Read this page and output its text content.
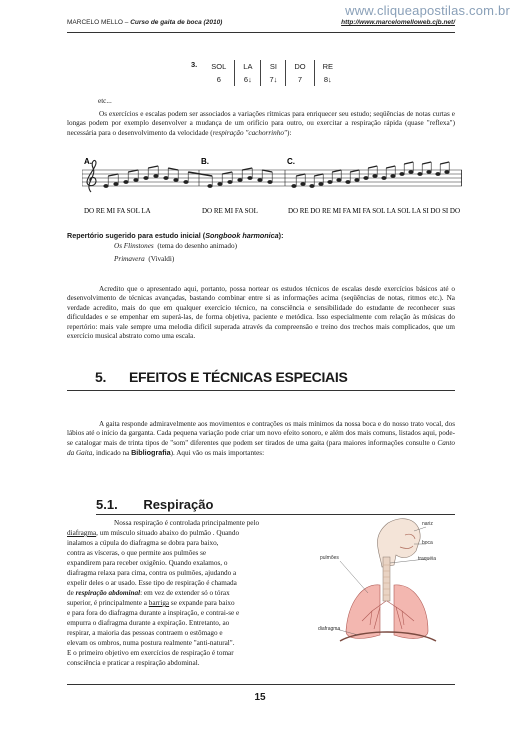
www.cliqueapostilas.com.br
MARCELO MELLO – Curso de gaita de boca (2010)	http://www.marcelomelloweb.cjb.net/
3.	SOL	LA	SI	DO	RE
	6	6↓	7↓	7	8↓
etc...
Os exercícios e escalas podem ser associados a variações rítmicas para enriquecer seu estudo; seqüências de notas curtas e longas podem por exemplo desenvolver a mudança de um orifício para outro, ou exercitar a respiração rápida (quase "reflexa") necessária para o desenvolvimento da velocidade (respiração "cachorrinho"):
A.	B.	C.
DO RE MI FA SOL LA	DO RE MI FA SOL	DO RE DO RE MI FA MI FA SOL LA SOL LA SI DO SI DO
Repertório sugerido para estudo inicial (Songbook harmonica):
Os Flinstones (tema do desenho animado)
Primavera (Vivaldi)
Acredito que o apresentado aqui, portanto, possa nortear os estudos técnicos de escalas desde exercícios básicos até o desenvolvimento de técnicas avançadas, bastando combinar entre si as informações acima (seqüências de notas, ritmos etc.). Na verdade acredito, mais do que em qualquer exercício técnico, na consciência e sensibilidade do estudante de reconhecer suas dificuldades e se empenhar em superá-las, de forma objetiva, paciente e metódica. Isso especialmente com relação às músicas do repertório: mais vale sempre uma melodia difícil superada através da compreensão e treino dos trechos mais complicados, que um exercício musical abstrato como uma escala.
5. EFEITOS E TÉCNICAS ESPECIAIS
A gaita responde admiravelmente aos movimentos e contrações os mais mínimos da nossa boca e do nosso trato vocal, dos lábios até o início da garganta. Cada pequena variação pode criar um novo efeito sonoro, e além dos mais comuns, listados aqui, pode-se catalogar mais de trinta tipos de "som" diferentes que podem ser tirados de uma gaita (para maiores informações consulte o Canto da Gaita, indicado na Bibliografia). Aqui vão os mais importantes:
5.1. Respiração
Nossa respiração é controlada principalmente pelo
diafragma, um músculo situado abaixo do pulmão . Quando
inalamos a cúpula do diafragma se dobra para baixo,
contra as vísceras, o que permite aos pulmões se
expandirem para receber oxigênio. Quando exalamos, o
diafragma relaxa para cima, contra os pulmões, ajudando a
expelir deles o ar usado. Esse tipo de respiração é chamada
de respiração abdominal: em vez de extender só o tórax
superior, é principalmente a barriga se expande para baixo
e para fora do diafragma durante a inspiração, e contrai-se e
empurra o diafragma durante a expiração. Entretanto, ao
respirar, a maioria das pessoas contraem o estômago e
elevam os ombros, numa postura realmente "anti-natural".
E o primeiro objetivo em exercícios de respiração é tomar
consciência e praticar a respiração abdominal.
nariz
boca
traquéia
pulmões
diafragma
15
